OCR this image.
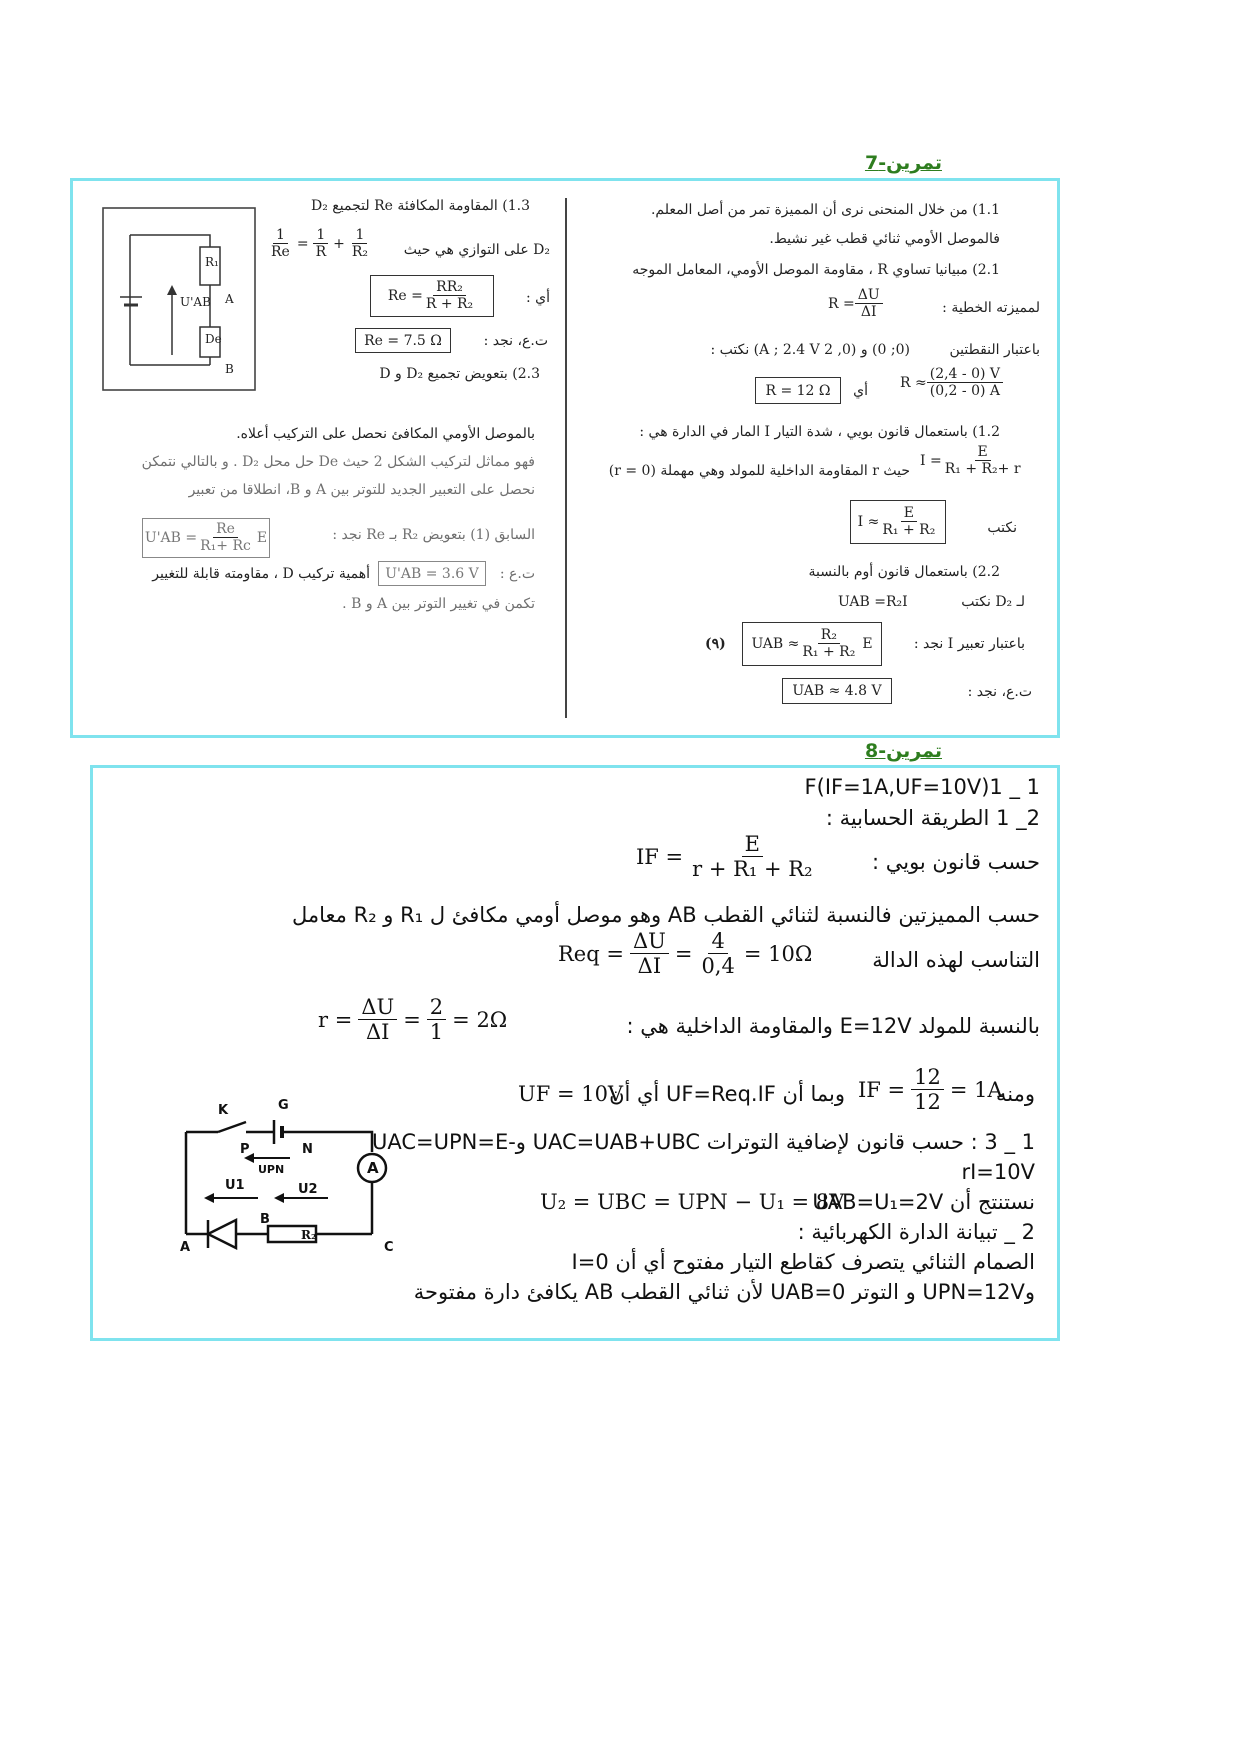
تمرين-7
1.1) من خلال المنحنى نرى أن المميزة تمر من أصل المعلم.
فالموصل الأومي ثنائي قطب غير نشيط.
2.1) مبيانيا تساوي R ، مقاومة الموصل الأومي، المعامل الموجه
لمميزته الخطية :
$R = \frac{\Delta U}{\Delta I}$
باعتبار النقطتين
(0; 0) و (0, 2 A ; 2.4 V) نكتب :
$R \approx \frac{(2,4 - 0) V}{(0,2 - 0) A}$
أي
R = 12 Ω
1.2) باستعمال قانون بويي ، شدة التيار I المار في الدارة هي :
$I = \frac{E}{\text{R₁ + R₂+ r}}$
حيث r المقاومة الداخلية للمولد وهي مهملة (r = 0)
نكتب
$I \approx \frac{E}{\text{R₁ + R₂}}$
2.2) باستعمال قانون أوم بالنسبة
لـ D₂ نكتب
UAB =R₂I
باعتبار تعبير I نجد :
UAB ≈ $\frac{\text{R₂}}{\text{R₁ + R₂}}$ E
(٩)
ت.ع، نجد :
UAB ≈ 4.8 V
R₁
De
U'AB A
B
1.3) المقاومة المكافئة Re لتجميع D₂
D₂ على التوازي هي حيث
$\frac{1}{Re} = \frac{1}{R} + \frac{1}{\text{R₂}}$
أي :
$Re = \frac{\text{RR₂}}{\text{R + R₂}}$
ت.ع، نجد :
Re = 7.5 Ω
2.3) بتعويض تجميع D₂ و D
بالموصل الأومي المكافئ نحصل على التركيب أعلاه.
فهو مماثل لتركيب الشكل 2 حيث De حل محل D₂ . و بالتالي نتمكن
نحصل على التعبير الجديد للتوتر بين A و B، انطلاقا من تعبير
السابق (1) بتعويض R₂ بـ Re نجد :
$U'AB = \frac{Re}{\text{R₁+ Rc}}$ E
ت.ع :
U'AB = 3.6 V
أهمية تركيب D ، مقاومته قابلة للتغيير
تكمن في تغيير التوتر بين A و B .
تمرين-8
F(IF=1A,UF=10V)1 _ 1
2_ 1 الطريقة الحسابية :
حسب قانون بويي :
IF = $\frac{E}{\text{r + R₁ + R₂}}$
حسب المميزتين فالنسبة لثنائي القطب AB وهو موصل أومي مكافئ ل R₁ و R₂ معامل
التناسب لهذه الدالة
Req = $\frac{\Delta U}{\Delta I} = \frac{4}{0,4} = 10\Omega$
بالنسبة للمولد E=12V والمقاومة الداخلية هي :
$r = \frac{\Delta U}{\Delta I} = \frac{2}{1} = 2\Omega$
ومنه
IF = $\frac{12}{12} = 1A$
وبما أن UF=Req.IF أي أن
UF = 10V
1 _ 3 : حسب قانون لإضافية التوترات UAC=UAB+UBC و-UAC=UPN=E
rI=10V
نستنتج أن UAB=U₁=2V
U₂ = UBC = UPN − U₁ = 8V
2 _ تبيانة الدارة الكهربائية :
الصمام الثنائي يتصرف كقاطع التيار مفتوح أي أن I=0
وUPN=12V و التوتر UAB=0 لأن ثنائي القطب AB يكافئ دارة مفتوحة
K	G
P	N
UPN
U1	U2
A
B
C
R₂
A
